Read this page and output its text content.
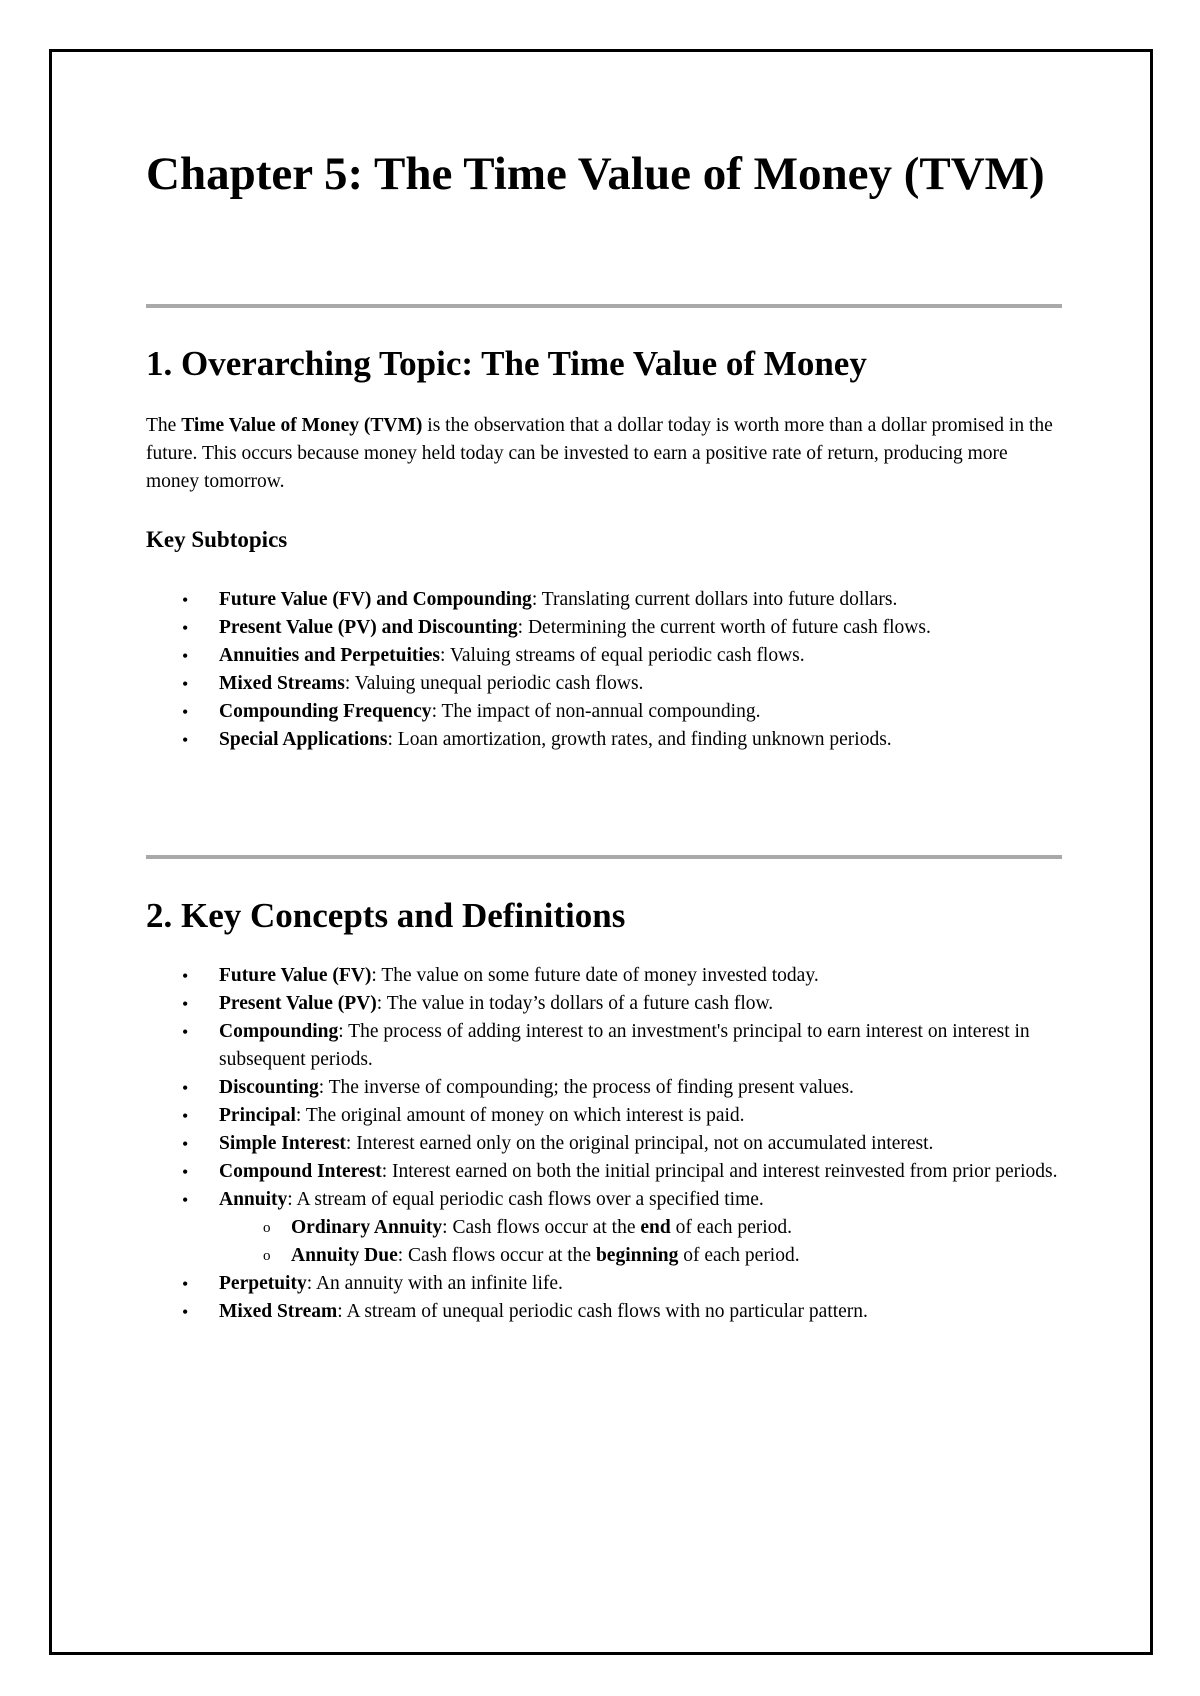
Chapter 5: The Time Value of Money (TVM)
1. Overarching Topic: The Time Value of Money

The Time Value of Money (TVM) is the observation that a dollar today is worth more than a dollar promised in the future. This occurs because money held today can be invested to earn a positive rate of return, producing more money tomorrow.

Key Subtopics
• Future Value (FV) and Compounding: Translating current dollars into future dollars.
• Present Value (PV) and Discounting: Determining the current worth of future cash flows.
• Annuities and Perpetuities: Valuing streams of equal periodic cash flows.
• Mixed Streams: Valuing unequal periodic cash flows.
• Compounding Frequency: The impact of non-annual compounding.
• Special Applications: Loan amortization, growth rates, and finding unknown periods.
2. Key Concepts and Definitions
• Future Value (FV): The value on some future date of money invested today.
• Present Value (PV): The value in today’s dollars of a future cash flow.
• Compounding: The process of adding interest to an investment's principal to earn interest on interest in subsequent periods.
• Discounting: The inverse of compounding; the process of finding present values.
• Principal: The original amount of money on which interest is paid.
• Simple Interest: Interest earned only on the original principal, not on accumulated interest.
• Compound Interest: Interest earned on both the initial principal and interest reinvested from prior periods.
• Annuity: A stream of equal periodic cash flows over a specified time.
o Ordinary Annuity: Cash flows occur at the end of each period.
o Annuity Due: Cash flows occur at the beginning of each period.
• Perpetuity: An annuity with an infinite life.
• Mixed Stream: A stream of unequal periodic cash flows with no particular pattern.
